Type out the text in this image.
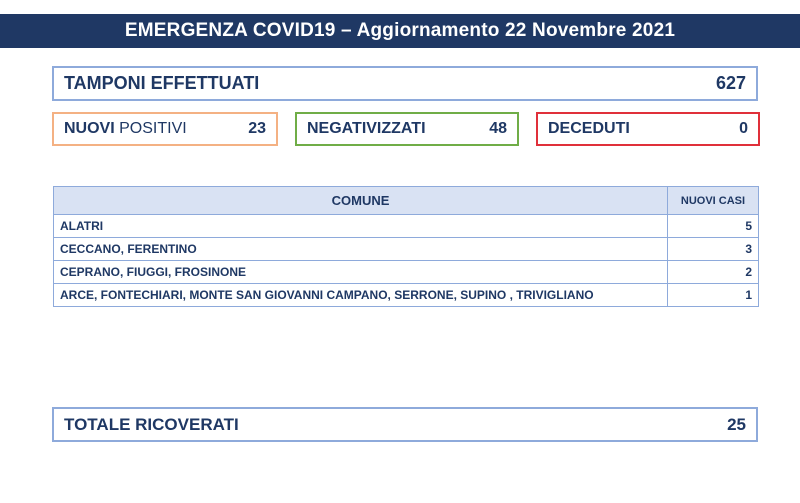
EMERGENZA COVID19 – Aggiornamento 22 Novembre 2021
TAMPONI EFFETTUATI	627
NUOVI POSITIVI	23	NEGATIVIZZATI	48	DECEDUTI	0
COMUNE	NUOVI CASI
ALATRI	5
CECCANO, FERENTINO	3
CEPRANO, FIUGGI, FROSINONE	2
ARCE, FONTECHIARI, MONTE SAN GIOVANNI CAMPANO, SERRONE, SUPINO , TRIVIGLIANO	1
TOTALE RICOVERATI	25
